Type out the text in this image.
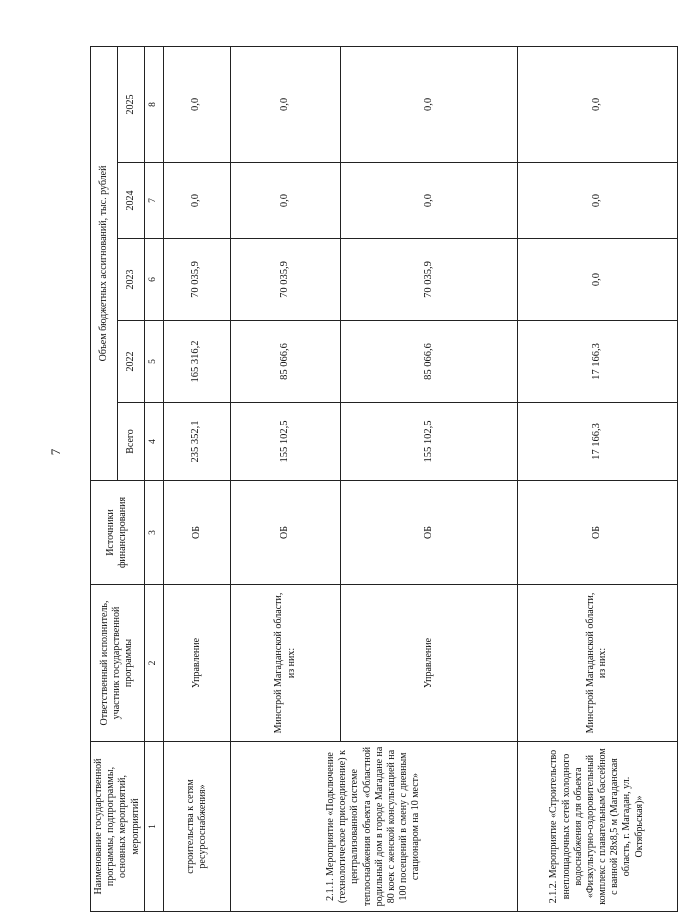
7
Наименование государственной программы, подпрограммы, основных мероприятий, мероприятий	Ответственный исполнитель, участник государственной программы	Источники финансирования	Объем бюджетных ассигнований, тыс. рублей				
			Всего	2022	2023	2024	2025
1	2	3	4	5	6	7	8
строительства к сетям ресурсоснабжения»	Управление	ОБ	235 352,1	165 316,2	70 035,9	0,0	0,0
2.1.1. Мероприятие «Подключение (технологическое присоединение) к централизованной системе теплоснабжения объекта «Областной родильный дом в городе Магадане на 80 коек с женской консультацией на 100 посещений в смену с дневным стационаром на 10 мест»	Минстрой Магаданской области, из них:	ОБ	155 102,5	85 066,6	70 035,9	0,0	0,0
	Управление	ОБ	155 102,5	85 066,6	70 035,9	0,0	0,0
2.1.2. Мероприятие «Строительство внеплощадочных сетей холодного водоснабжения для объекта «Физкультурно-оздоровительный комплекс с плавательным бассейном с ванной 28х8,5 м (Магаданская область, г. Магадан, ул. Октябрьская)»	Минстрой Магаданской области, из них:	ОБ	17 166,3	17 166,3	0,0	0,0	0,0
